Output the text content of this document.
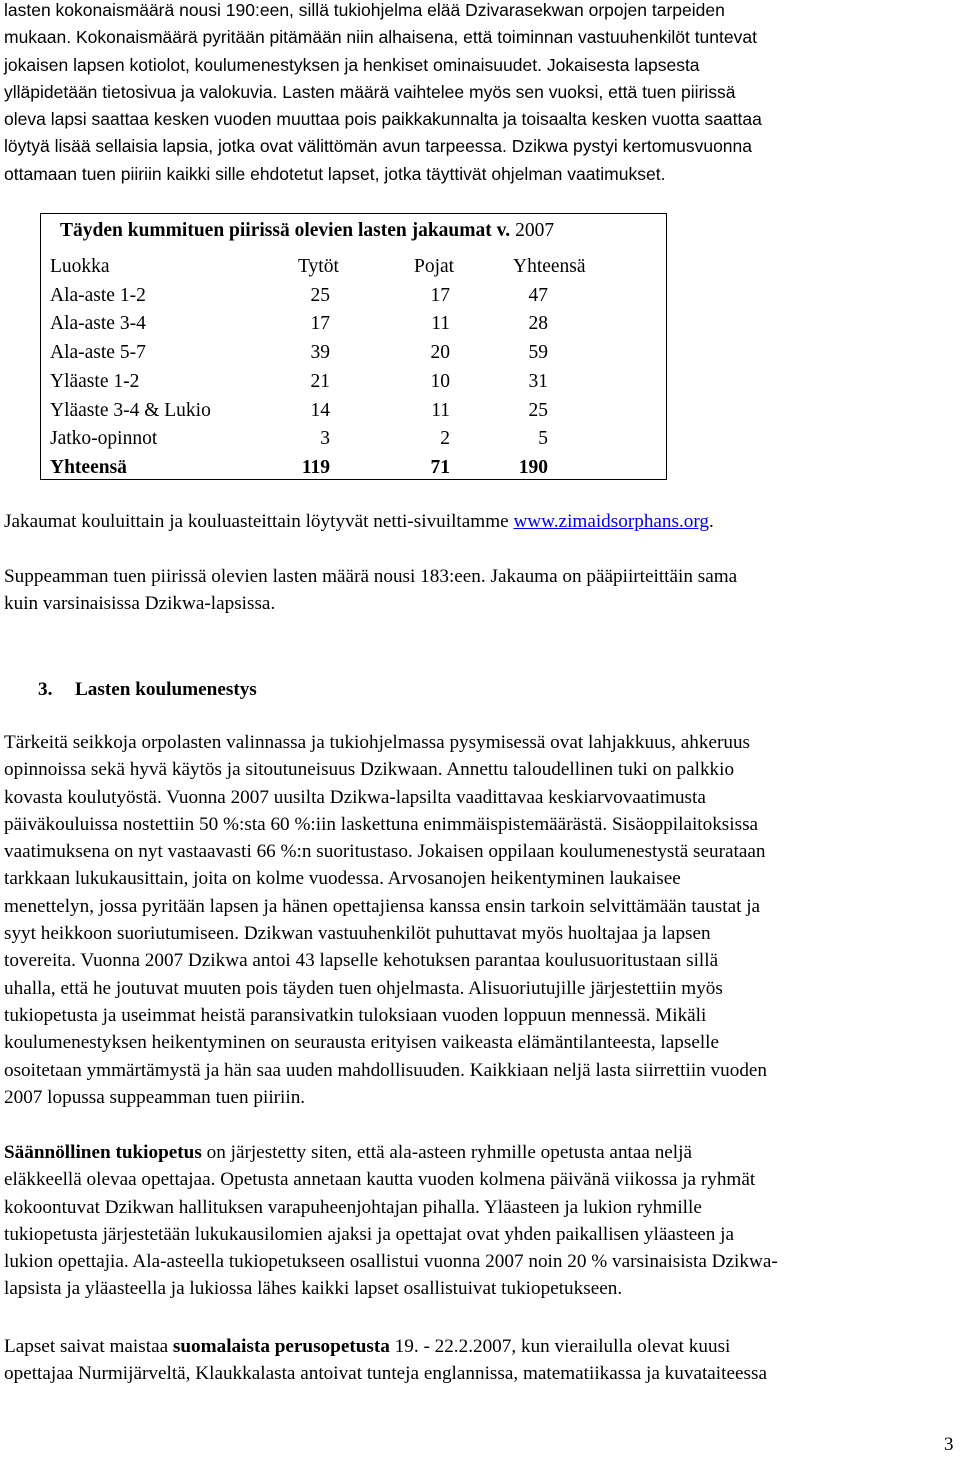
lasten kokonaismäärä nousi 190:een, sillä tukiohjelma elää Dzivarasekwan orpojen tarpeiden
mukaan. Kokonaismäärä pyritään pitämään niin alhaisena, että toiminnan vastuuhenkilöt tuntevat
jokaisen lapsen kotiolot, koulumenestyksen ja henkiset ominaisuudet. Jokaisesta lapsesta
ylläpidetään tietosivua ja valokuvia. Lasten määrä vaihtelee myös sen vuoksi, että tuen piirissä
oleva lapsi saattaa kesken vuoden muuttaa pois paikkakunnalta ja toisaalta kesken vuotta saattaa
löytyä lisää sellaisia lapsia, jotka ovat välittömän avun tarpeessa. Dzikwa pystyi kertomusvuonna
ottamaan tuen piiriin kaikki sille ehdotetut lapset, jotka täyttivät ohjelman vaatimukset.
Täyden kummituen piirissä olevien lasten jakaumat v. 2007
Luokka	Tytöt	Pojat	Yhteensä
Ala-aste 1-2	25	17	47
Ala-aste 3-4	17	11	28
Ala-aste 5-7	39	20	59
Yläaste 1-2	21	10	31
Yläaste 3-4 & Lukio	14	11	25
Jatko-opinnot	3	2	5
Yhteensä	119	71	190
Jakaumat kouluittain ja kouluasteittain löytyvät netti-sivuiltamme www.zimaidsorphans.org.
Suppeamman tuen piirissä olevien lasten määrä nousi 183:een. Jakauma on pääpiirteittäin sama
kuin varsinaisissa Dzikwa-lapsissa.
3. Lasten koulumenestys
Tärkeitä seikkoja orpolasten valinnassa ja tukiohjelmassa pysymisessä ovat lahjakkuus, ahkeruus
opinnoissa sekä hyvä käytös ja sitoutuneisuus Dzikwaan. Annettu taloudellinen tuki on palkkio
kovasta koulutyöstä. Vuonna 2007 uusilta Dzikwa-lapsilta vaadittavaa keskiarvovaatimusta
päiväkouluissa nostettiin 50 %:sta 60 %:iin laskettuna enimmäispistemäärästä. Sisäoppilaitoksissa
vaatimuksena on nyt vastaavasti 66 %:n suoritustaso. Jokaisen oppilaan koulumenestystä seurataan
tarkkaan lukukausittain, joita on kolme vuodessa. Arvosanojen heikentyminen laukaisee
menettelyn, jossa pyritään lapsen ja hänen opettajiensa kanssa ensin tarkoin selvittämään taustat ja
syyt heikkoon suoriutumiseen. Dzikwan vastuuhenkilöt puhuttavat myös huoltajaa ja lapsen
tovereita. Vuonna 2007 Dzikwa antoi 43 lapselle kehotuksen parantaa koulusuoritustaan sillä
uhalla, että he joutuvat muuten pois täyden tuen ohjelmasta. Alisuoriutujille järjestettiin myös
tukiopetusta ja useimmat heistä paransivatkin tuloksiaan vuoden loppuun mennessä. Mikäli
koulumenestyksen heikentyminen on seurausta erityisen vaikeasta elämäntilanteesta, lapselle
osoitetaan ymmärtämystä ja hän saa uuden mahdollisuuden. Kaikkiaan neljä lasta siirrettiin vuoden
2007 lopussa suppeamman tuen piiriin.
Säännöllinen tukiopetus on järjestetty siten, että ala-asteen ryhmille opetusta antaa neljä
eläkkeellä olevaa opettajaa. Opetusta annetaan kautta vuoden kolmena päivänä viikossa ja ryhmät
kokoontuvat Dzikwan hallituksen varapuheenjohtajan pihalla. Yläasteen ja lukion ryhmille
tukiopetusta järjestetään lukukausilomien ajaksi ja opettajat ovat yhden paikallisen yläasteen ja
lukion opettajia. Ala-asteella tukiopetukseen osallistui vuonna 2007 noin 20 % varsinaisista Dzikwa-
lapsista ja yläasteella ja lukiossa lähes kaikki lapset osallistuivat tukiopetukseen.
Lapset saivat maistaa suomalaista perusopetusta 19. - 22.2.2007, kun vierailulla olevat kuusi
opettajaa Nurmijärveltä, Klaukkalasta antoivat tunteja englannissa, matematiikassa ja kuvataiteessa
3
